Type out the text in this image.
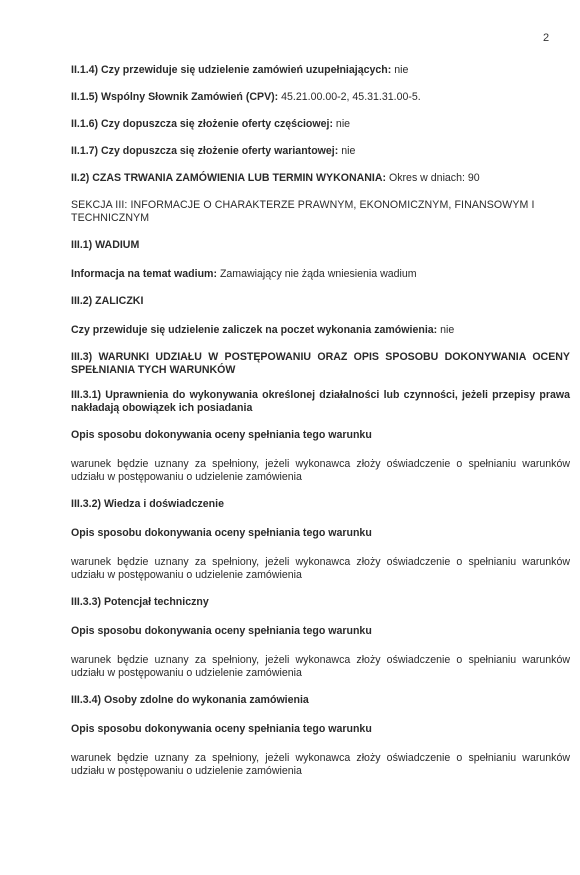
2

II.1.4) Czy przewiduje się udzielenie zamówień uzupełniających: nie

II.1.5) Wspólny Słownik Zamówień (CPV): 45.21.00.00-2, 45.31.31.00-5.

II.1.6) Czy dopuszcza się złożenie oferty częściowej: nie

II.1.7) Czy dopuszcza się złożenie oferty wariantowej: nie

II.2) CZAS TRWANIA ZAMÓWIENIA LUB TERMIN WYKONANIA: Okres w dniach: 90

SEKCJA III: INFORMACJE O CHARAKTERZE PRAWNYM, EKONOMICZNYM, FINANSOWYM I TECHNICZNYM

III.1) WADIUM

Informacja na temat wadium: Zamawiający nie żąda wniesienia wadium

III.2) ZALICZKI

Czy przewiduje się udzielenie zaliczek na poczet wykonania zamówienia: nie

III.3) WARUNKI UDZIAŁU W POSTĘPOWANIU ORAZ OPIS SPOSOBU DOKONYWANIA OCENY SPEŁNIANIA TYCH WARUNKÓW

III.3.1) Uprawnienia do wykonywania określonej działalności lub czynności, jeżeli przepisy prawa nakładają obowiązek ich posiadania

Opis sposobu dokonywania oceny spełniania tego warunku

warunek będzie uznany za spełniony, jeżeli wykonawca złoży oświadczenie o spełnianiu warunków udziału w postępowaniu o udzielenie zamówienia

III.3.2) Wiedza i doświadczenie

Opis sposobu dokonywania oceny spełniania tego warunku

warunek będzie uznany za spełniony, jeżeli wykonawca złoży oświadczenie o spełnianiu warunków udziału w postępowaniu o udzielenie zamówienia

III.3.3) Potencjał techniczny

Opis sposobu dokonywania oceny spełniania tego warunku

warunek będzie uznany za spełniony, jeżeli wykonawca złoży oświadczenie o spełnianiu warunków udziału w postępowaniu o udzielenie zamówienia

III.3.4) Osoby zdolne do wykonania zamówienia

Opis sposobu dokonywania oceny spełniania tego warunku

warunek będzie uznany za spełniony, jeżeli wykonawca złoży oświadczenie o spełnianiu warunków udziału w postępowaniu o udzielenie zamówienia
